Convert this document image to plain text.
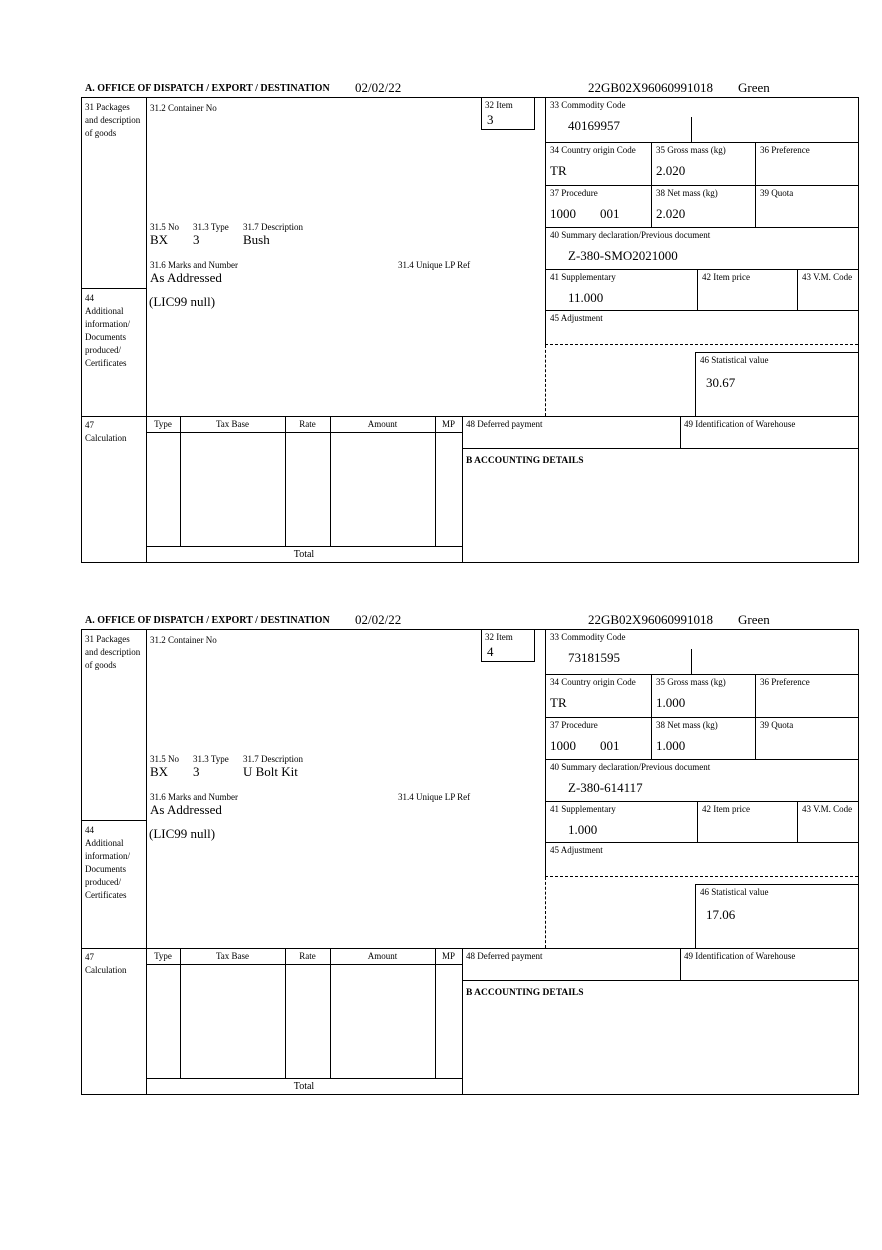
A. OFFICE OF DISPATCH / EXPORT / DESTINATION 02/02/22	22GB02X96060991018 Green
31 Packages and description of goods
44
Additional information/ Documents produced/ Certificates
47
Calculation
31.2 Container No	32 Item
3
33 Commodity Code
40169957
34 Country origin Code
TR
35 Gross mass (kg)
2.020
36 Preference
37 Procedure
1000 001
38 Net mass (kg)
2.020
39 Quota
40 Summary declaration/Previous document
Z-380-SMO2021000
41 Supplementary
11.000
42 Item price	43 V.M. Code
45 Adjustment
46 Statistical value
30.67
31.5 No 31.3 Type 31.7 Description
BX 3	Bush
31.6 Marks and Number	31.4 Unique LP Ref
As Addressed
(LIC99 null)
Type	Tax Base	Rate	Amount	MP
Total
48 Deferred payment	49 Identification of Warehouse
B ACCOUNTING DETAILS
A. OFFICE OF DISPATCH / EXPORT / DESTINATION 02/02/22	22GB02X96060991018 Green
31 Packages and description of goods
44
Additional information/ Documents produced/ Certificates
47
Calculation
31.2 Container No	32 Item
4
33 Commodity Code
73181595
34 Country origin Code
TR
35 Gross mass (kg)
1.000
36 Preference
37 Procedure
1000 001
38 Net mass (kg)
1.000
39 Quota
40 Summary declaration/Previous document
Z-380-614117
41 Supplementary
1.000
42 Item price	43 V.M. Code
45 Adjustment
46 Statistical value
17.06
31.5 No 31.3 Type 31.7 Description
BX 3	U Bolt Kit
31.6 Marks and Number	31.4 Unique LP Ref
As Addressed
(LIC99 null)
Type	Tax Base	Rate	Amount	MP
Total
48 Deferred payment	49 Identification of Warehouse
B ACCOUNTING DETAILS
